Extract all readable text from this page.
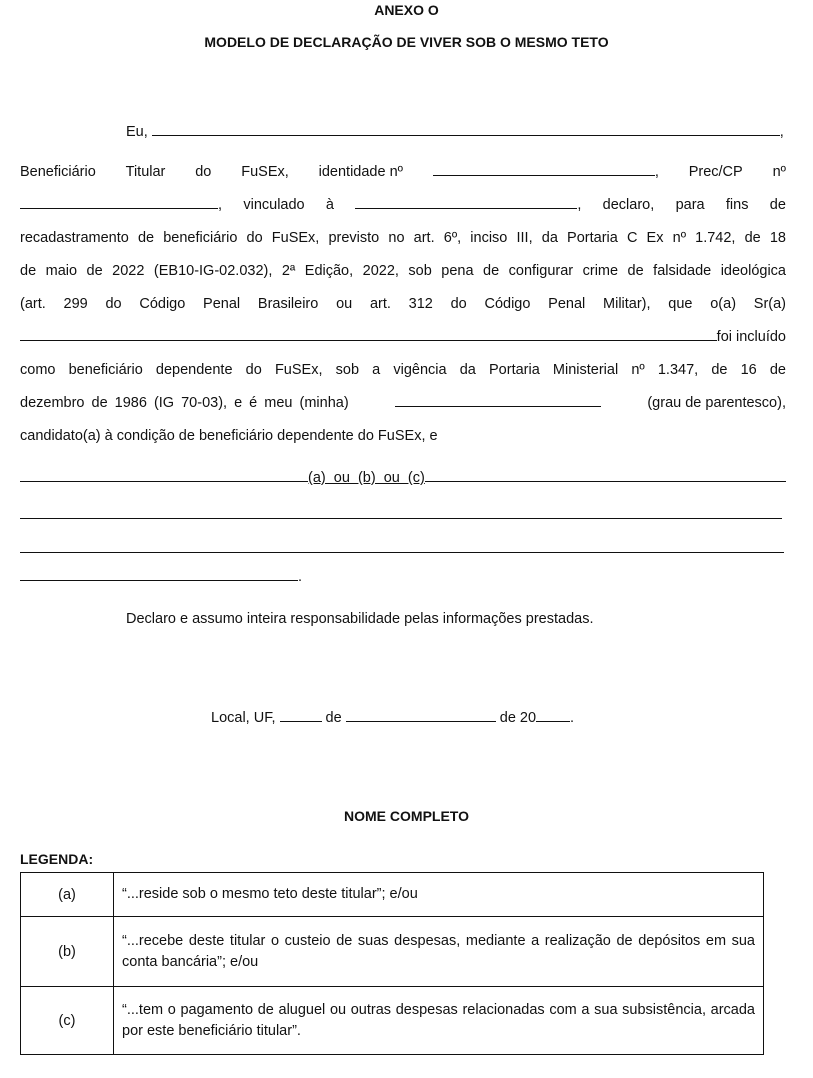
ANEXO O
MODELO DE DECLARAÇÃO DE VIVER SOB O MESMO TETO
Eu,	,
Beneficiário Titular do FuSEx, identidade nº	, Prec/CP nº
, vinculado à	, declaro, para fins de
recadastramento de beneficiário do FuSEx, previsto no art. 6º, inciso III, da Portaria C Ex nº 1.742, de 18
de maio de 2022 (EB10-IG-02.032), 2ª Edição, 2022, sob pena de configurar crime de falsidade ideológica
(art. 299 do Código Penal Brasileiro ou art. 312 do Código Penal Militar), que o(a) Sr(a)
foi incluído
como beneficiário dependente do FuSEx, sob a vigência da Portaria Ministerial nº 1.347, de 16 de
dezembro de 1986 (IG 70-03), e é meu (minha)	(grau de parentesco),
candidato(a) à condição de beneficiário dependente do FuSEx, e
(a)  ou  (b)  ou  (c)
.
Declaro e assumo inteira responsabilidade pelas informações prestadas.
Local, UF,	de	de 20 .
NOME COMPLETO
LEGENDA:
(a)	“...reside sob o mesmo teto deste titular”; e/ou
(b)	“...recebe deste titular o custeio de suas despesas, mediante a realização de depósitos em sua conta bancária”; e/ou
(c)	“...tem o pagamento de aluguel ou outras despesas relacionadas com a sua subsistência, arcada por este beneficiário titular”.
